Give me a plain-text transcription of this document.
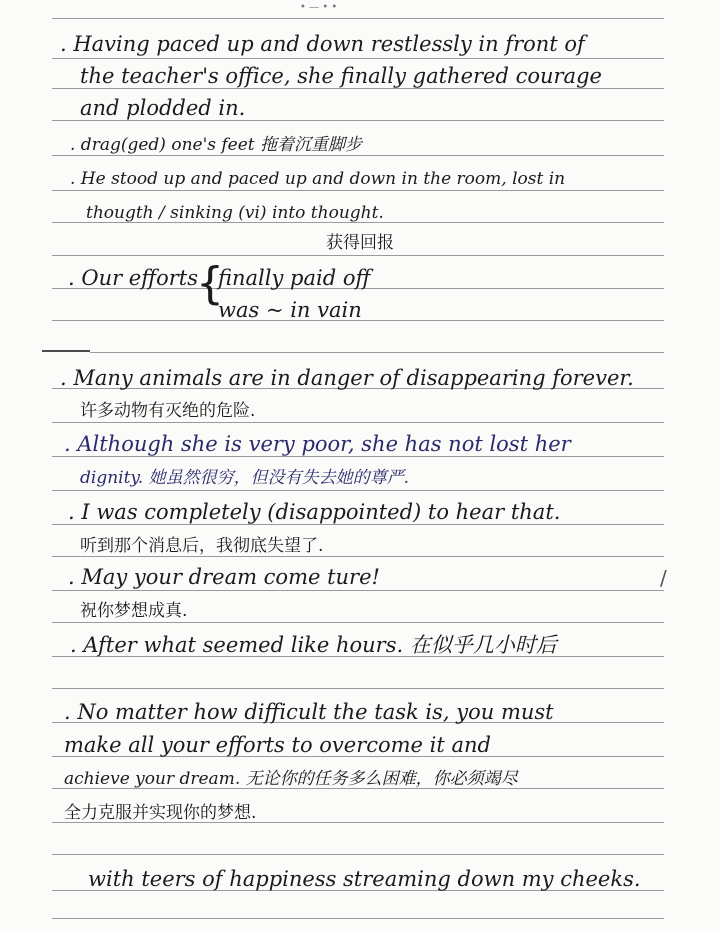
• — • •
. Having paced up and down restlessly in front of
the teacher's office, she finally gathered courage
and plodded in.
. drag(ged) one's feet 拖着沉重脚步
. He stood up and paced up and down in the room, lost in
thougth / sinking (vi) into thought.
获得回报
. Our efforts
{
finally paid off
was ~ in vain
. Many animals are in danger of disappearing forever.
许多动物有灭绝的危险.
. Although she is very poor, she has not lost her
dignity. 她虽然很穷，但没有失去她的尊严.
. I was completely (disappointed) to hear that.
听到那个消息后，我彻底失望了.
. May your dream come ture!	/
祝你梦想成真.
. After what seemed like hours. 在似乎几小时后
. No matter how difficult the task is, you must
make all your efforts to overcome it and
achieve your dream. 无论你的任务多么困难，你必须竭尽
全力克服并实现你的梦想.
with teers of happiness streaming down my cheeks.
